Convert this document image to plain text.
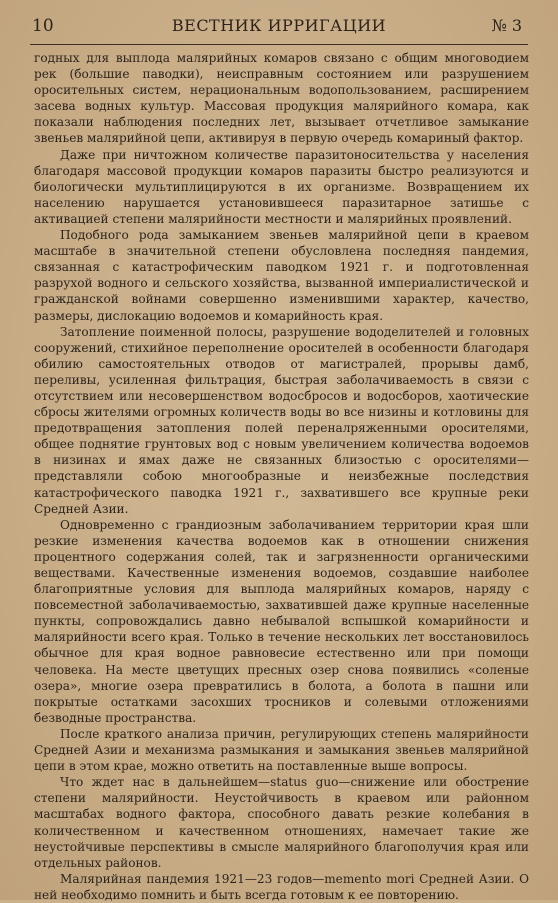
10	ВЕСТНИК ИРРИГАЦИИ	№ 3

годных для выплода малярийных комаров связано с общим многоводием рек (большие паводки), неисправным состоянием или разрушением оросительных систем, нерациональным водопользованием, расширением засева водных культур. Массовая продукция малярийного комара, как показали наблюдения последних лет, вызывает отчетливое замыкание звеньев малярийной цепи, активируя в первую очередь комариный фактор.

Даже при ничтожном количестве паразитоносительства у населения благодаря массовой продукции комаров паразиты быстро реализуются и биологически мультиплицируются в их организме. Возвращением их населению нарушается установившееся паразитарное затишье с активацией степени малярийности местности и малярийных проявлений.

Подобного рода замыканием звеньев малярийной цепи в краевом масштабе в значительной степени обусловлена последняя пандемия, связанная с катастрофическим паводком 1921 г. и подготовленная разрухой водного и сельского хозяйства, вызванной империалистической и гражданской войнами совершенно изменившими характер, качество, размеры, дислокацию водоемов и комарийность края.

Затопление поименной полосы, разрушение вододелителей и головных сооружений, стихийное переполнение оросителей в особенности благодаря обилию самостоятельных отводов от магистралей, прорывы дамб, переливы, усиленная фильтрация, быстрая заболачиваемость в связи с отсутствием или несовершенством водосбросов и водосборов, хаотические сбросы жителями огромных количеств воды во все низины и котловины для предотвращения затопления полей переналряженными оросителями, общее поднятие грунтовых вод с новым увеличением количества водоемов в низинах и ямах даже не связанных близостью с оросителями—представляли собою многообразные и неизбежные последствия катастрофического паводка 1921 г., захватившего все крупные реки Средней Азии.

Одновременно с грандиозным заболачиванием территории края шли резкие изменения качества водоемов как в отношении снижения процентного содержания солей, так и загрязненности органическими веществами. Качественные изменения водоемов, создавшие наиболее благоприятные условия для выплода малярийных комаров, наряду с повсеместной заболачиваемостью, захватившей даже крупные населенные пункты, сопровождались давно небывалой вспышкой комарийности и малярийности всего края. Только в течение нескольких лет восстановилось обычное для края водное равновесие естественно или при помощи человека. На месте цветущих пресных озер снова появились «соленые озера», многие озера превратились в болота, а болота в пашни или покрытые остатками засохших тросников и солевыми отложениями безводные пространства.

После краткого анализа причин, регулирующих степень малярийности Средней Азии и механизма размыкания и замыкания звеньев малярийной цепи в этом крае, можно ответить на поставленные выше вопросы.

Что ждет нас в дальнейшем—status guo—снижение или обострение степени малярийности. Неустойчивость в краевом или районном масштабах водного фактора, способного давать резкие колебания в количественном и качественном отношениях, намечает такие же неустойчивые перспективы в смысле малярийного благополучия края или отдельных районов.

Малярийная пандемия 1921—23 годов—memento mori Средней Азии. О ней необходимо помнить и быть всегда готовым к ее повторению.
